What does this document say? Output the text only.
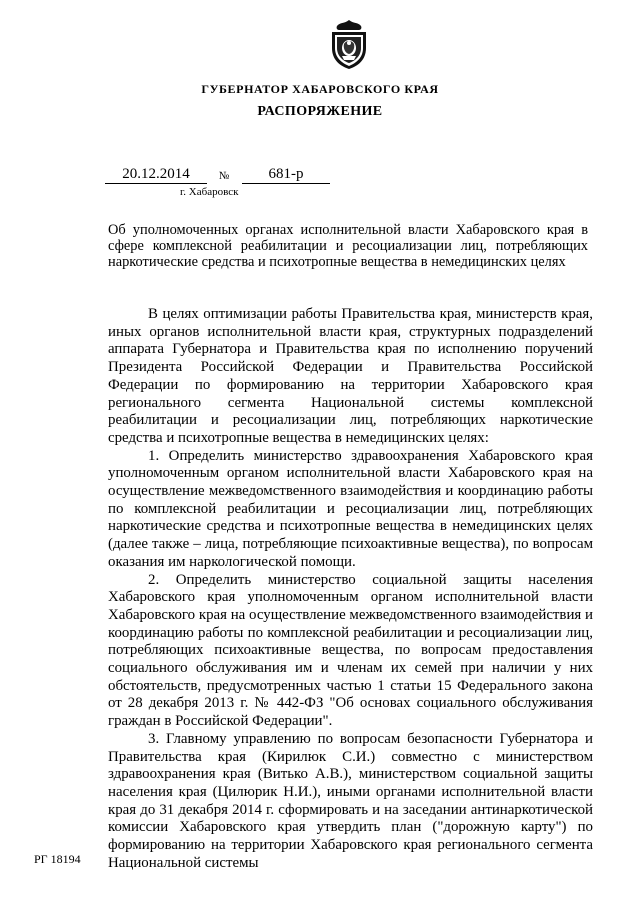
ГУБЕРНАТОР ХАБАРОВСКОГО КРАЯ
РАСПОРЯЖЕНИЕ
20.12.2014	№	681-р
г. Хабаровск
Об уполномоченных органах исполнительной власти Хабаровского края в сфере комплексной реабилитации и ресоциализации лиц, потребляющих наркотические средства и психотропные вещества в немедицинских целях

В целях оптимизации работы Правительства края, министерств края, иных органов исполнительной власти края, структурных подразделений аппарата Губернатора и Правительства края по исполнению поручений Президента Российской Федерации и Правительства Российской Федерации по формированию на территории Хабаровского края регионального сегмента Национальной системы комплексной реабилитации и ресоциализации лиц, потребляющих наркотические средства и психотропные вещества в немедицинских целях:

1. Определить министерство здравоохранения Хабаровского края уполномоченным органом исполнительной власти Хабаровского края на осуществление межведомственного взаимодействия и координацию работы по комплексной реабилитации и ресоциализации лиц, потребляющих наркотические средства и психотропные вещества в немедицинских целях (далее также – лица, потребляющие психоактивные вещества), по вопросам оказания им наркологической помощи.

2. Определить министерство социальной защиты населения Хабаровского края уполномоченным органом исполнительной власти Хабаровского края на осуществление межведомственного взаимодействия и координацию работы по комплексной реабилитации и ресоциализации лиц, потребляющих психоактивные вещества, по вопросам предоставления социального обслуживания им и членам их семей при наличии у них обстоятельств, предусмотренных частью 1 статьи 15 Федерального закона от 28 декабря 2013 г. № 442-ФЗ "Об основах социального обслуживания граждан в Российской Федерации".

3. Главному управлению по вопросам безопасности Губернатора и Правительства края (Кирилюк С.И.) совместно с министерством здравоохранения края (Витько А.В.), министерством социальной защиты населения края (Цилюрик Н.И.), иными органами исполнительной власти края до 31 декабря 2014 г. сформировать и на заседании антинаркотической комиссии Хабаровского края утвердить план ("дорожную карту") по формированию на территории Хабаровского края регионального сегмента Национальной системы

РГ 18194
